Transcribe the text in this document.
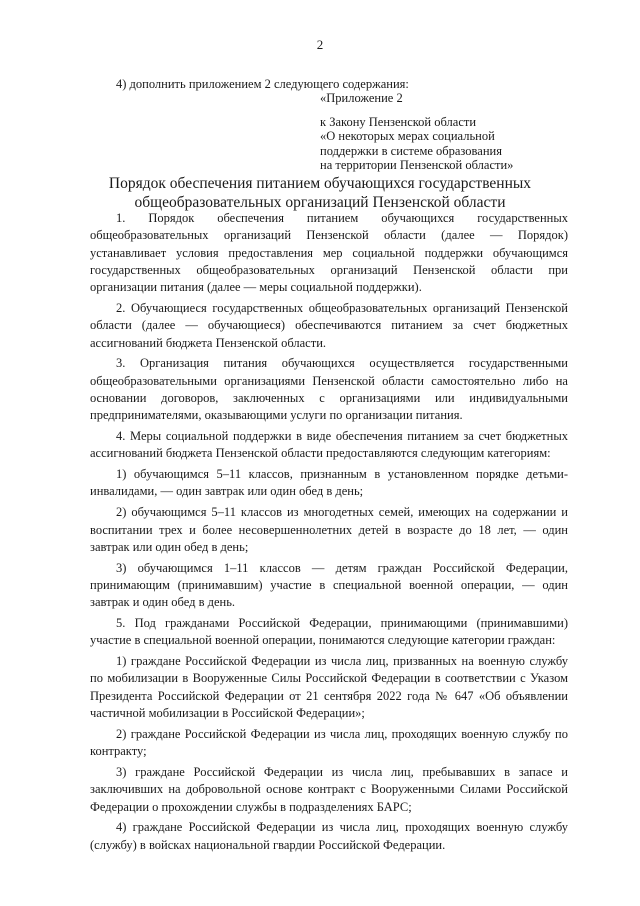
2
4) дополнить приложением 2 следующего содержания:
«Приложение 2
к Закону Пензенской области
«О некоторых мерах социальной
поддержки в системе образования
на территории Пензенской области»
Порядок обеспечения питанием обучающихся государственных
общеобразовательных организаций Пензенской области

1. Порядок обеспечения питанием обучающихся государственных общеобразовательных организаций Пензенской области (далее — Порядок) устанавливает условия предоставления мер социальной поддержки обучающимся государственных общеобразовательных организаций Пензенской области при организации питания (далее — меры социальной поддержки).

2. Обучающиеся государственных общеобразовательных организаций Пензенской области (далее — обучающиеся) обеспечиваются питанием за счет бюджетных ассигнований бюджета Пензенской области.

3. Организация питания обучающихся осуществляется государственными общеобразовательными организациями Пензенской области самостоятельно либо на основании договоров, заключенных с организациями или индивидуальными предпринимателями, оказывающими услуги по организации питания.

4. Меры социальной поддержки в виде обеспечения питанием за счет бюджетных ассигнований бюджета Пензенской области предоставляются следующим категориям:

1) обучающимся 5–11 классов, признанным в установленном порядке детьми-инвалидами, — один завтрак или один обед в день;

2) обучающимся 5–11 классов из многодетных семей, имеющих на содержании и воспитании трех и более несовершеннолетних детей в возрасте до 18 лет, — один завтрак или один обед в день;

3) обучающимся 1–11 классов — детям граждан Российской Федерации, принимающим (принимавшим) участие в специальной военной операции, — один завтрак и один обед в день.

5. Под гражданами Российской Федерации, принимающими (принимавшими) участие в специальной военной операции, понимаются следующие категории граждан:

1) граждане Российской Федерации из числа лиц, призванных на военную службу по мобилизации в Вооруженные Силы Российской Федерации в соответствии с Указом Президента Российской Федерации от 21 сентября 2022 года № 647 «Об объявлении частичной мобилизации в Российской Федерации»;

2) граждане Российской Федерации из числа лиц, проходящих военную службу по контракту;

3) граждане Российской Федерации из числа лиц, пребывавших в запасе и заключивших на добровольной основе контракт с Вооруженными Силами Российской Федерации о прохождении службы в подразделениях БАРС;

4) граждане Российской Федерации из числа лиц, проходящих военную службу (службу) в войсках национальной гвардии Российской Федерации.
